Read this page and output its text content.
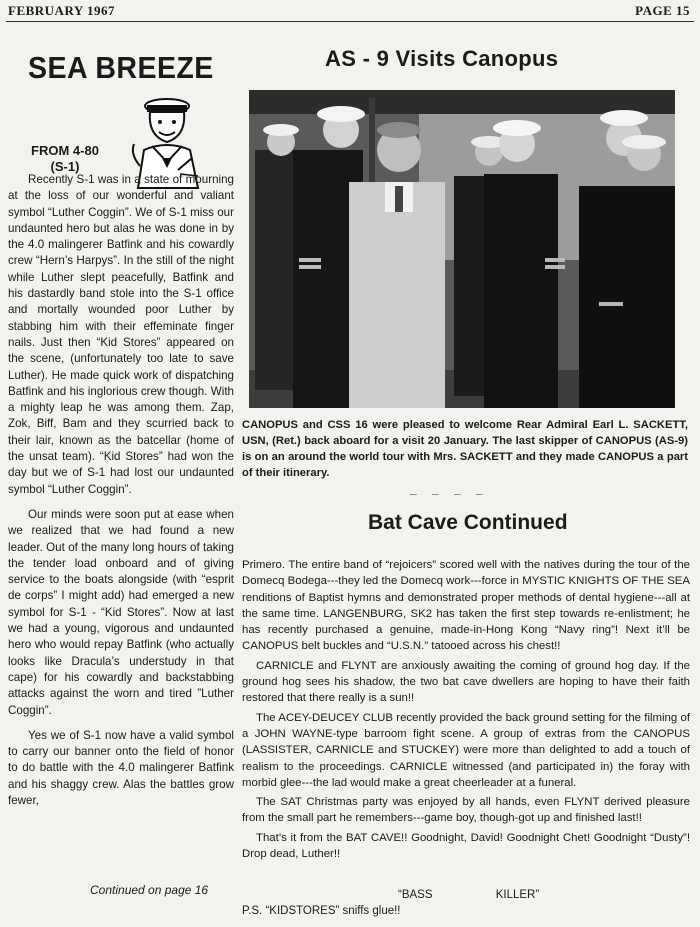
FEBRUARY 1967	PAGE 15
SEA BREEZE
FROM 4-80
(S-1)

Recently S-1 was in a state of mourning at the loss of our wonderful and valiant symbol “Luther Coggin”. We of S-1 miss our undaunted hero but alas he was done in by the 4.0 malingerer Batfink and his cowardly crew “Hern’s Harpys”. In the still of the night while Luther slept peacefully, Batfink and his dastardly band stole into the S-1 office and mortally wounded poor Luther by stabbing him with their effeminate finger nails. Just then “Kid Stores” appeared on the scene, (unfortunately too late to save Luther). He made quick work of dispatching Batfink and his inglorious crew though. With a mighty leap he was among them. Zap, Zok, Biff, Bam and they scurried back to their lair, known as the batcellar (home of the unsat team). “Kid Stores” had won the day but we of S-1 had lost our undaunted symbol “Luther Coggin”.

Our minds were soon put at ease when we realized that we had found a new leader. Out of the many long hours of taking the tender load onboard and of giving service to the boats alongside (with “esprit de corps” I might add) had emerged a new symbol for S-1 - “Kid Stores”. Now at last we had a young, vigorous and undaunted hero who would repay Batfink (who actually looks like Dracula’s understudy in that cape) for his cowardly and backstabbing attacks against the worn and tired ”Luther Coggin”.

Yes we of S-1 now have a valid symbol to carry our banner onto the field of honor to do battle with the 4.0 malingerer Batfink and his shaggy crew. Alas the battles grow fewer,

Continued on page 16
AS - 9 Visits Canopus
CANOPUS and CSS 16 were pleased to welcome Rear Admiral Earl L. SACKETT, USN, (Ret.) back aboard for a visit 20 January. The last skipper of CANOPUS (AS-9) is on an around the world tour with Mrs. SACKETT and they made CANOPUS a part of their itinerary.
_ _ _ _
Bat Cave Continued

Primero. The entire band of “rejoicers” scored well with the natives during the tour of the Domecq Bodega---they led the Domecq work---force in MYSTIC KNIGHTS OF THE SEA renditions of Baptist hymns and demonstrated proper methods of dental hygiene---all at the same time. LANGENBURG, SK2 has taken the first step towards re-enlistment; he has recently purchased a genuine, made-in-Hong Kong “Navy ring”! Next it’ll be CANOPUS belt buckles and “U.S.N.” tatooed across his chest!!

CARNICLE and FLYNT are anxiously awaiting the coming of ground hog day. If the ground hog sees his shadow, the two bat cave dwellers are hoping to have their faith restored that there really is a sun!!

The ACEY-DEUCEY CLUB recently provided the back ground setting for the filming of a JOHN WAYNE-type barroom fight scene. A group of extras from the CANOPUS (LASSISTER, CARNICLE and STUCKEY) were more than delighted to add a touch of realism to the proceedings. CARNICLE witnessed (and participated in) the foray with morbid glee---the lad would make a great cheerleader at a funeral.

The SAT Christmas party was enjoyed by all hands, even FLYNT derived pleasure from the small part he remembers---game boy, though-got up and finished last!!

That’s it from the BAT CAVE!! Goodnight, David! Goodnight Chet! Goodnight “Dusty”! Drop dead, Luther!!

“BASS KILLER”
P.S. “KIDSTORES” sniffs glue!!
